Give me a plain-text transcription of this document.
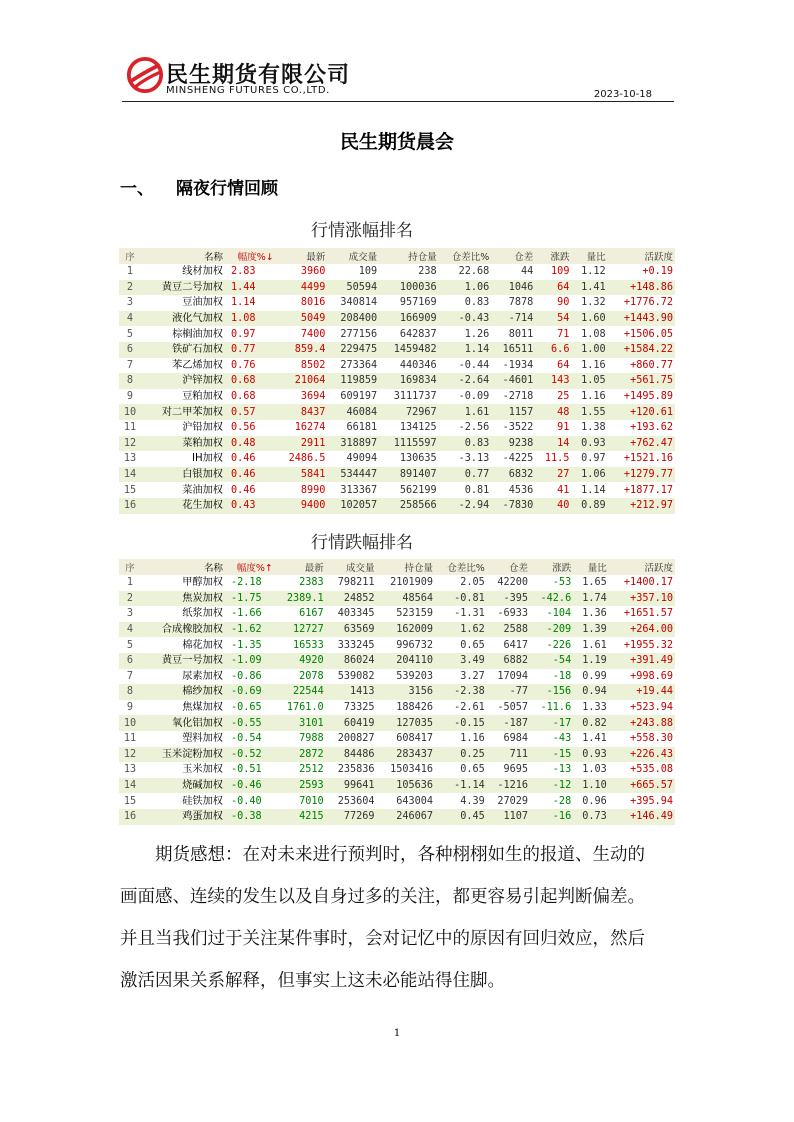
民生期货有限公司
MINSHENG FUTURES CO.,LTD.	2023-10-18
民生期货晨会
一、 隔夜行情回顾
行情涨幅排名
序	名称	幅度%↓	最新	成交量	持仓量	仓差比%	仓差	涨跌	量比	活跃度
1	线材加权	2.83	3960	109	238	22.68	44	109	1.12	+0.19
2	黄豆二号加权	1.44	4499	50594	100036	1.06	1046	64	1.41	+148.86
3	豆油加权	1.14	8016	340814	957169	0.83	7878	90	1.32	+1776.72
4	液化气加权	1.08	5049	208400	166909	-0.43	-714	54	1.60	+1443.90
5	棕榈油加权	0.97	7400	277156	642837	1.26	8011	71	1.08	+1506.05
6	铁矿石加权	0.77	859.4	229475	1459482	1.14	16511	6.6	1.00	+1584.22
7	苯乙烯加权	0.76	8502	273364	440346	-0.44	-1934	64	1.16	+860.77
8	沪锌加权	0.68	21064	119859	169834	-2.64	-4601	143	1.05	+561.75
9	豆粕加权	0.68	3694	609197	3111737	-0.09	-2718	25	1.16	+1495.89
10	对二甲苯加权	0.57	8437	46084	72967	1.61	1157	48	1.55	+120.61
11	沪铅加权	0.56	16274	66181	134125	-2.56	-3522	91	1.38	+193.62
12	菜粕加权	0.48	2911	318897	1115597	0.83	9238	14	0.93	+762.47
13	IH加权	0.46	2486.5	49094	130635	-3.13	-4225	11.5	0.97	+1521.16
14	白银加权	0.46	5841	534447	891407	0.77	6832	27	1.06	+1279.77
15	菜油加权	0.46	8990	313367	562199	0.81	4536	41	1.14	+1877.17
16	花生加权	0.43	9400	102057	258566	-2.94	-7830	40	0.89	+212.97
行情跌幅排名
序	名称	幅度%↑	最新	成交量	持仓量	仓差比%	仓差	涨跌	量比	活跃度
1	甲醇加权	-2.18	2383	798211	2101909	2.05	42200	-53	1.65	+1400.17
2	焦炭加权	-1.75	2389.1	24852	48564	-0.81	-395	-42.6	1.74	+357.10
3	纸浆加权	-1.66	6167	403345	523159	-1.31	-6933	-104	1.36	+1651.57
4	合成橡胶加权	-1.62	12727	63569	162009	1.62	2588	-209	1.39	+264.00
5	棉花加权	-1.35	16533	333245	996732	0.65	6417	-226	1.61	+1955.32
6	黄豆一号加权	-1.09	4920	86024	204110	3.49	6882	-54	1.19	+391.49
7	尿素加权	-0.86	2078	539082	539203	3.27	17094	-18	0.99	+998.69
8	棉纱加权	-0.69	22544	1413	3156	-2.38	-77	-156	0.94	+19.44
9	焦煤加权	-0.65	1761.0	73325	188426	-2.61	-5057	-11.6	1.33	+523.94
10	氧化铝加权	-0.55	3101	60419	127035	-0.15	-187	-17	0.82	+243.88
11	塑料加权	-0.54	7988	200827	608417	1.16	6984	-43	1.41	+558.30
12	玉米淀粉加权	-0.52	2872	84486	283437	0.25	711	-15	0.93	+226.43
13	玉米加权	-0.51	2512	235836	1503416	0.65	9695	-13	1.03	+535.08
14	烧碱加权	-0.46	2593	99641	105636	-1.14	-1216	-12	1.10	+665.57
15	硅铁加权	-0.40	7010	253604	643004	4.39	27029	-28	0.96	+395.94
16	鸡蛋加权	-0.38	4215	77269	246067	0.45	1107	-16	0.73	+146.49

期货感想：在对未来进行预判时，各种栩栩如生的报道、生动的

画面感、连续的发生以及自身过多的关注，都更容易引起判断偏差。

并且当我们过于关注某件事时，会对记忆中的原因有回归效应，然后

激活因果关系解释，但事实上这未必能站得住脚。

1
